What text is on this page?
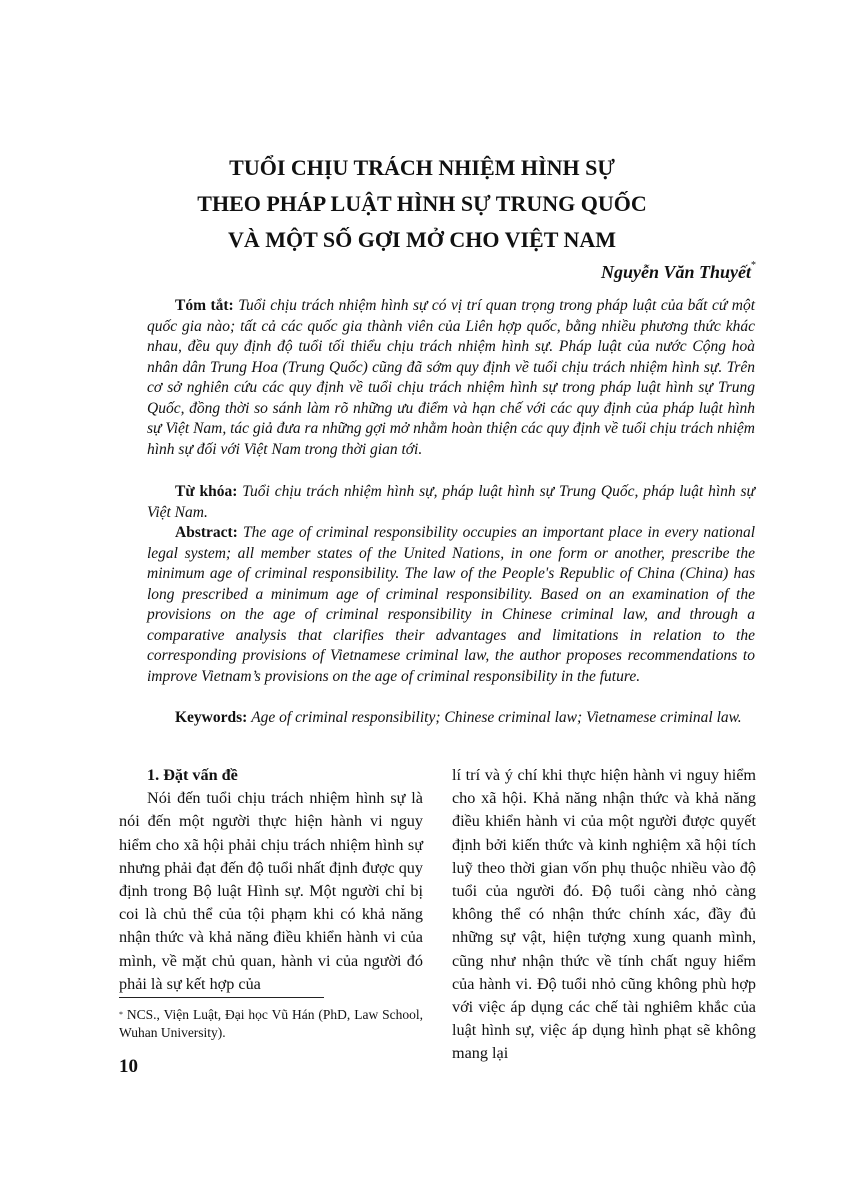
TUỔI CHỊU TRÁCH NHIỆM HÌNH SỰ
THEO PHÁP LUẬT HÌNH SỰ TRUNG QUỐC
VÀ MỘT SỐ GỢI MỞ CHO VIỆT NAM
Nguyễn Văn Thuyết*
Tóm tắt: Tuổi chịu trách nhiệm hình sự có vị trí quan trọng trong pháp luật của bất cứ một quốc gia nào; tất cả các quốc gia thành viên của Liên hợp quốc, bằng nhiều phương thức khác nhau, đều quy định độ tuổi tối thiểu chịu trách nhiệm hình sự. Pháp luật của nước Cộng hoà nhân dân Trung Hoa (Trung Quốc) cũng đã sớm quy định về tuổi chịu trách nhiệm hình sự. Trên cơ sở nghiên cứu các quy định về tuổi chịu trách nhiệm hình sự trong pháp luật hình sự Trung Quốc, đồng thời so sánh làm rõ những ưu điểm và hạn chế với các quy định của pháp luật hình sự Việt Nam, tác giả đưa ra những gợi mở nhằm hoàn thiện các quy định về tuổi chịu trách nhiệm hình sự đối với Việt Nam trong thời gian tới.
Từ khóa: Tuổi chịu trách nhiệm hình sự, pháp luật hình sự Trung Quốc, pháp luật hình sự Việt Nam.
Abstract: The age of criminal responsibility occupies an important place in every national legal system; all member states of the United Nations, in one form or another, prescribe the minimum age of criminal responsibility. The law of the People's Republic of China (China) has long prescribed a minimum age of criminal responsibility. Based on an examination of the provisions on the age of criminal responsibility in Chinese criminal law, and through a comparative analysis that clarifies their advantages and limitations in relation to the corresponding provisions of Vietnamese criminal law, the author proposes recommendations to improve Vietnam’s provisions on the age of criminal responsibility in the future.
Keywords: Age of criminal responsibility; Chinese criminal law; Vietnamese criminal law.
1. Đặt vấn đề
Nói đến tuổi chịu trách nhiệm hình sự là nói đến một người thực hiện hành vi nguy hiểm cho xã hội phải chịu trách nhiệm hình sự nhưng phải đạt đến độ tuổi nhất định được quy định trong Bộ luật Hình sự. Một người chỉ bị coi là chủ thể của tội phạm khi có khả năng nhận thức và khả năng điều khiển hành vi của mình, về mặt chủ quan, hành vi của người đó phải là sự kết hợp của
lí trí và ý chí khi thực hiện hành vi nguy hiểm cho xã hội. Khả năng nhận thức và khả năng điều khiển hành vi của một người được quyết định bởi kiến thức và kinh nghiệm xã hội tích luỹ theo thời gian vốn phụ thuộc nhiều vào độ tuổi của người đó. Độ tuổi càng nhỏ càng không thể có nhận thức chính xác, đầy đủ những sự vật, hiện tượng xung quanh mình, cũng như nhận thức về tính chất nguy hiểm của hành vi. Độ tuổi nhỏ cũng không phù hợp với việc áp dụng các chế tài nghiêm khắc của luật hình sự, việc áp dụng hình phạt sẽ không mang lại
* NCS., Viện Luật, Đại học Vũ Hán (PhD, Law School, Wuhan University).
10
